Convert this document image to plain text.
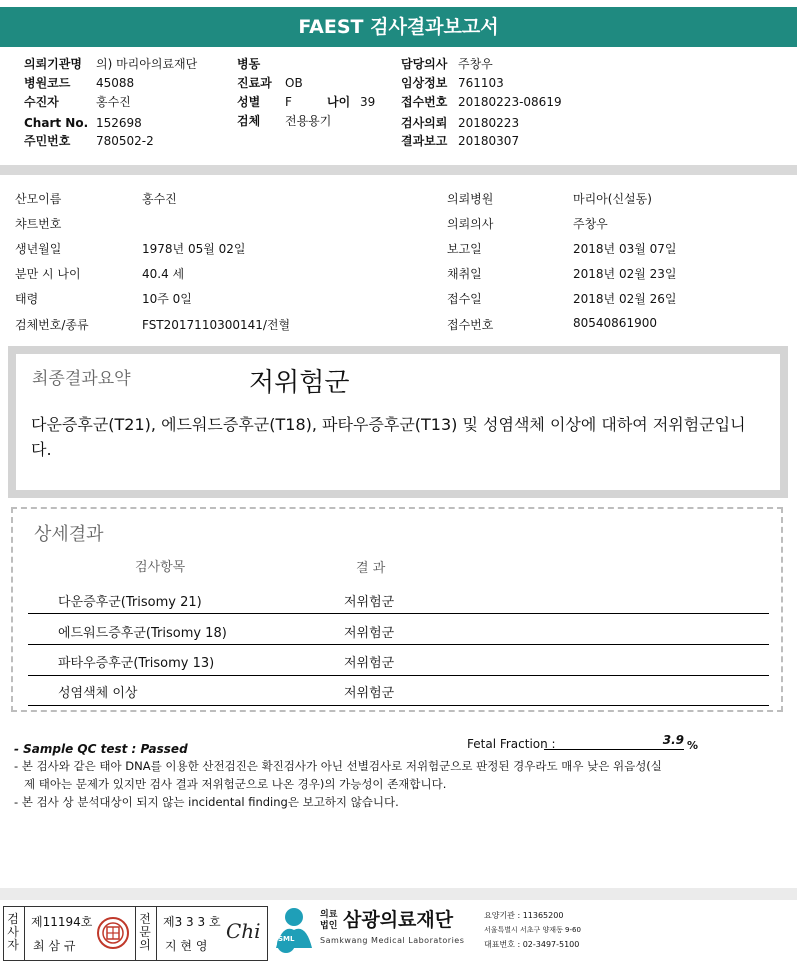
FAEST 검사결과보고서
의뢰기관명 의) 마리아의료재단
병원코드 45088
수진자	홍수진
Chart No. 152698
주민번호 780502-2
병동
진료과 OB
성별 F	나이 39
검체 전용용기
담당의사 주창우
임상정보 761103
접수번호 20180223-08619
검사의뢰 20180223
결과보고 20180307
산모이름	홍수진
챠트번호
생년월일	1978년 05월 02일
분만 시 나이	40.4 세
태령	10주 0일
검체번호/종류	FST2017110300141/전혈
의뢰병원	마리아(신설동)
의뢰의사	주창우
보고일	2018년 03월 07일
채취일	2018년 02월 23일
접수일	2018년 02월 26일
접수번호	80540861900
최종결과요약	저위험군
다운증후군(T21), 에드워드증후군(T18), 파타우증후군(T13) 및 성염색체 이상에 대하여 저위험군입니다.
상세결과
검사항목	결 과
다운증후군(Trisomy 21)	저위험군
에드워드증후군(Trisomy 18)	저위험군
파타우증후군(Trisomy 13)	저위험군
성염색체 이상	저위험군
- Sample QC test : Passed	Fetal Fraction :	3.9 %
- 본 검사와 같은 태아 DNA를 이용한 산전검진은 확진검사가 아닌 선별검사로 저위험군으로 판정된 경우라도 매우 낮은 위음성(실
제 태아는 문제가 있지만 검사 결과 저위험군으로 나온 경우)의 가능성이 존재합니다.
- 본 검사 상 분석대상이 되지 않는 incidental finding은 보고하지 않습니다.
검사자
제11194호
최 삼 규
전문의
제3 3 3 호
지 현 영
Chi SML
의료
법인 삼광의료재단
Samkwang Medical Laboratories
요양기관 : 11365200
서울특별시 서초구 양재동 9-60
대표번호 : 02-3497-5100
